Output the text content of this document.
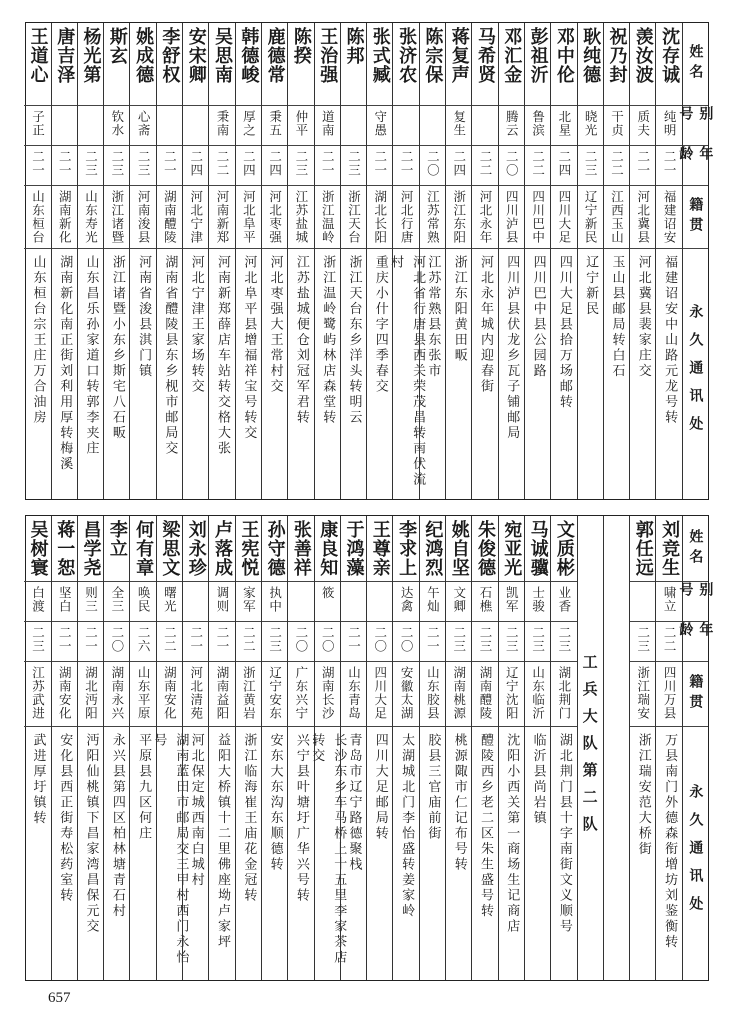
姓名
别号
年龄
籍贯
永久通讯处
沈存诚
纯明
二一
福建诏安
福建诏安中山路元龙号转
羡汝波
质夫
二一
河北冀县
河北冀县裴家庄交
祝乃封
干贞
二二
江西玉山
玉山县邮局转白石
耿纯德
晓光
二三
辽宁新民
辽宁新民
邓中伦
北星
二四
四川大足
四川大足县拾万场邮转
彭祖沂
鲁滨
二二
四川巴中
四川巴中县公园路
邓汇金
腾云
二〇
四川泸县
四川泸县伏龙乡瓦子铺邮局
马希贤
二二
河北永年
河北永年城内迎春街
蒋复声
复生
二四
浙江东阳
浙江东阳黄田畈
陈宗保
二〇
江苏常熟
江苏常熟县东张市
张济农
二一
河北行唐
河北省行唐县西关荣茂昌转南伏流村
张式臧
守愚
二一
湖北长阳
重庆小什字四季春交
陈邦
二三
浙江天台
浙江天台东乡洋头转明云
王治强
道南
二一
浙江温岭
浙江温岭鹭屿林店森堂转
陈揆
仲平
二三
江苏盐城
江苏盐城便仓刘冠军君转
鹿德常
秉五
二四
河北枣强
河北枣强大王常村交
韩德峻
厚之
二四
河北阜平
河北阜平县增福祥宝号转交
吴思南
秉南
二二
河南新郑
河南新郑薛店车站转交格大张
安宋卿
二四
河北宁津
河北宁津王家场转交
李舒权
二一
湖南醴陵
湖南省醴陵县东乡枧市邮局交
姚成德
心斋
二三
河南浚县
河南省浚县淇门镇
斯玄
钦水
二三
浙江诸暨
浙江诸暨小东乡斯宅八石畈
杨光第
二三
山东寿光
山东昌乐孙家道口转郭李夹庄
唐吉泽
二一
湖南新化
湖南新化南正街刘利用厚转梅溪
王道心
子正
二一
山东桓台
山东桓台宗王庄万合油房
姓名
别号
年龄
籍贯
永久通讯处
刘竞生
啸立
二二
四川万县
万县南门外德森衔增坊刘鉴衡转
郭任远
二三
浙江瑞安
浙江瑞安范大桥街
工兵大队第二队
文质彬
业香
二三
湖北荆门
湖北荆门县十字南街文义顺号
马诚骥
士骏
二三
山东临沂
临沂县尚岩镇
宛亚光
凯军
二三
辽宁沈阳
沈阳小西关第一商场生记商店
朱俊德
石樵
二三
湖南醴陵
醴陵西乡老二区朱生盛号转
姚自坚
文卿
二三
湖南桃源
桃源陬市仁记布号转
纪鸿烈
午灿
二一
山东胶县
胶县三官庙前街
李求上
达禽
二〇
安徽太湖
太湖城北门李怡盛转姜家岭
王尊亲
二〇
四川大足
四川大足邮局转
于鸿藻
二一
山东青岛
青岛市辽宁路德聚栈
康良知
筱
二〇
湖南长沙
长沙东乡车马桥上十五里李家茶店转交
张善祥
二〇
广东兴宁
兴宁县叶塘圩广华兴号转
孙守德
执中
二三
辽宁安东
安东大东沟东顺德转
王宪悦
家军
二二
浙江黄岩
浙江临海崔王庙花金冠转
卢落成
调则
二一
湖南益阳
益阳大桥镇十二里佛座坳卢家坪
刘永珍
二一
河北清苑
河北保定城西南白城村
梁思文
曙光
二二
湖南安化
湖南蓝田市邮局交三甲村西门永怡号
何有章
唤民
二六
山东平原
平原县九区何庄
李立
全三
二〇
湖南永兴
永兴县第四区柏林塘青石村
昌学尧
则三
二一
湖北沔阳
沔阳仙桃镇下昌家湾昌保元交
蒋一恕
坚白
二一
湖南安化
安化县西正街寿松药室转
吴树寰
白渡
二三
江苏武进
武进厚圩镇转
657
